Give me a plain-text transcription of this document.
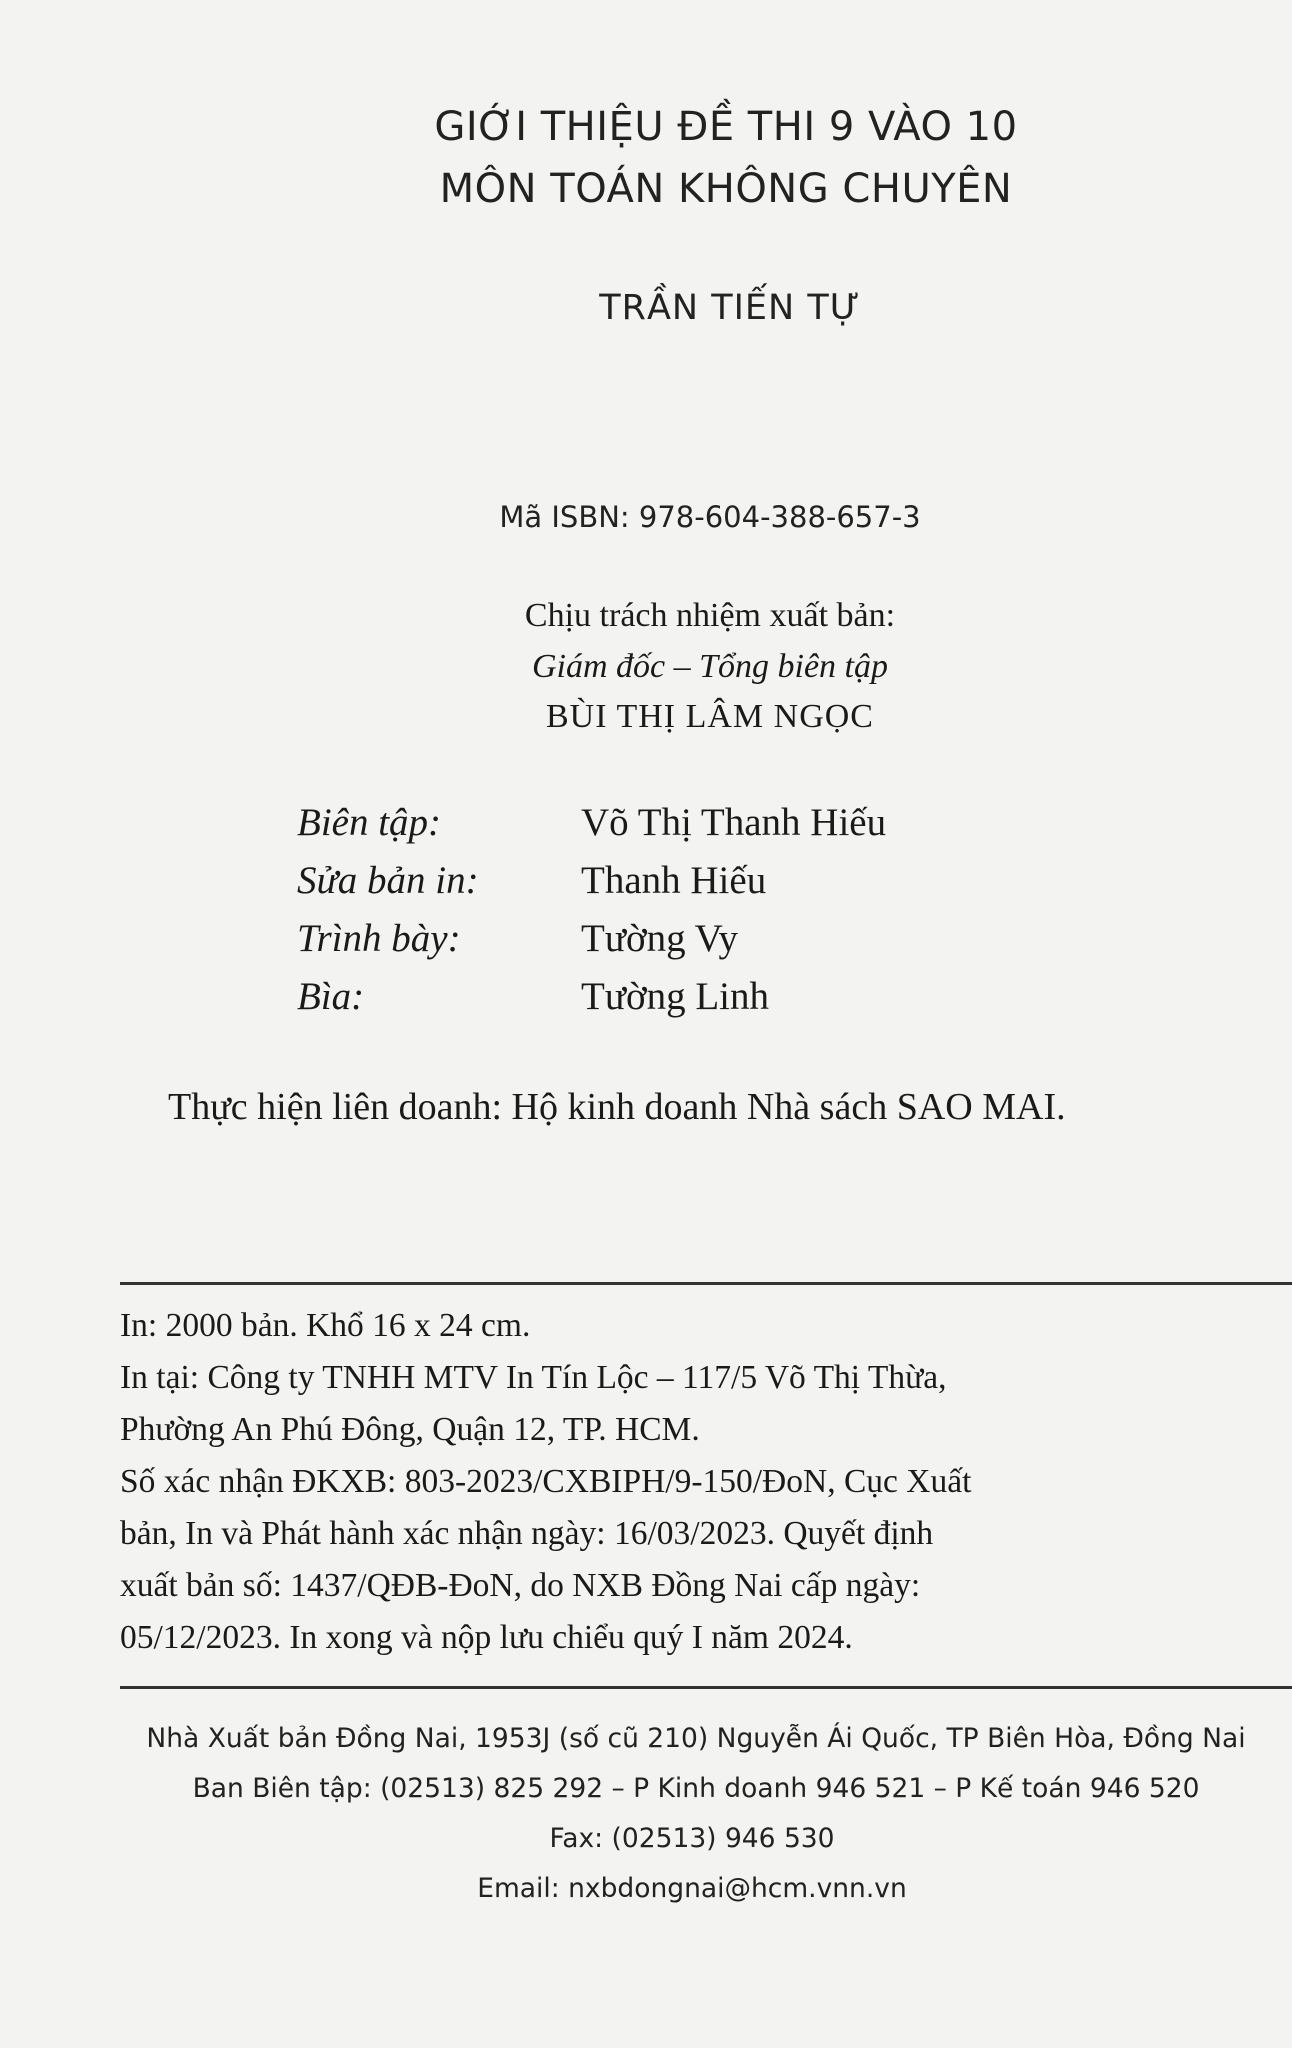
GIỚI THIỆU ĐỀ THI 9 VÀO 10
MÔN TOÁN KHÔNG CHUYÊN
TRẦN TIẾN TỰ
Mã ISBN: 978-604-388-657-3
Chịu trách nhiệm xuất bản:
Giám đốc – Tổng biên tập
BÙI THỊ LÂM NGỌC
Biên tập:	Võ Thị Thanh Hiếu
Sửa bản in:	Thanh Hiếu
Trình bày:	Tường Vy
Bìa:	Tường Linh
Thực hiện liên doanh: Hộ kinh doanh Nhà sách SAO MAI.
In: 2000 bản. Khổ 16 x 24 cm.
In tại: Công ty TNHH MTV In Tín Lộc – 117/5 Võ Thị Thừa,
Phường An Phú Đông, Quận 12, TP. HCM.
Số xác nhận ĐKXB: 803-2023/CXBIPH/9-150/ĐoN, Cục Xuất
bản, In và Phát hành xác nhận ngày: 16/03/2023. Quyết định
xuất bản số: 1437/QĐB-ĐoN, do NXB Đồng Nai cấp ngày:
05/12/2023. In xong và nộp lưu chiểu quý I năm 2024.
Nhà Xuất bản Đồng Nai, 1953J (số cũ 210) Nguyễn Ái Quốc, TP Biên Hòa, Đồng Nai
Ban Biên tập: (02513) 825 292 – P Kinh doanh 946 521 – P Kế toán 946 520
Fax: (02513) 946 530
Email: nxbdongnai@hcm.vnn.vn
